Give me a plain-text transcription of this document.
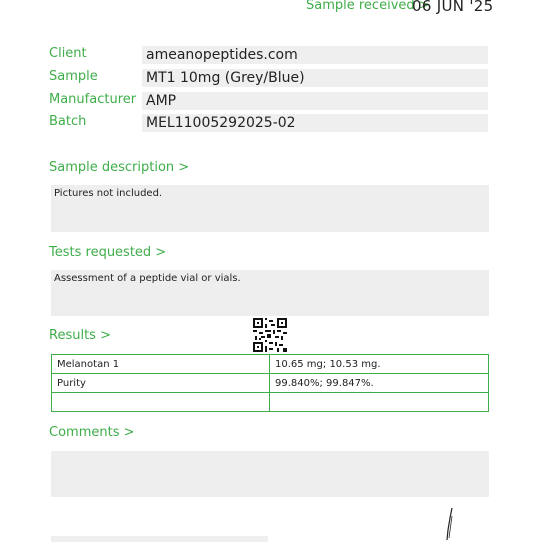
Sample received >
06 JUN '25
Client	ameanopeptides.com
Sample	MT1 10mg (Grey/Blue)
Manufacturer AMP
Batch	MEL11005292025-02
Sample description >
Pictures not included.
Tests requested >
Assessment of a peptide vial or vials.
Results >
Melanotan 1	10.65 mg; 10.53 mg.
Purity	99.840%; 99.847%.

Comments >
